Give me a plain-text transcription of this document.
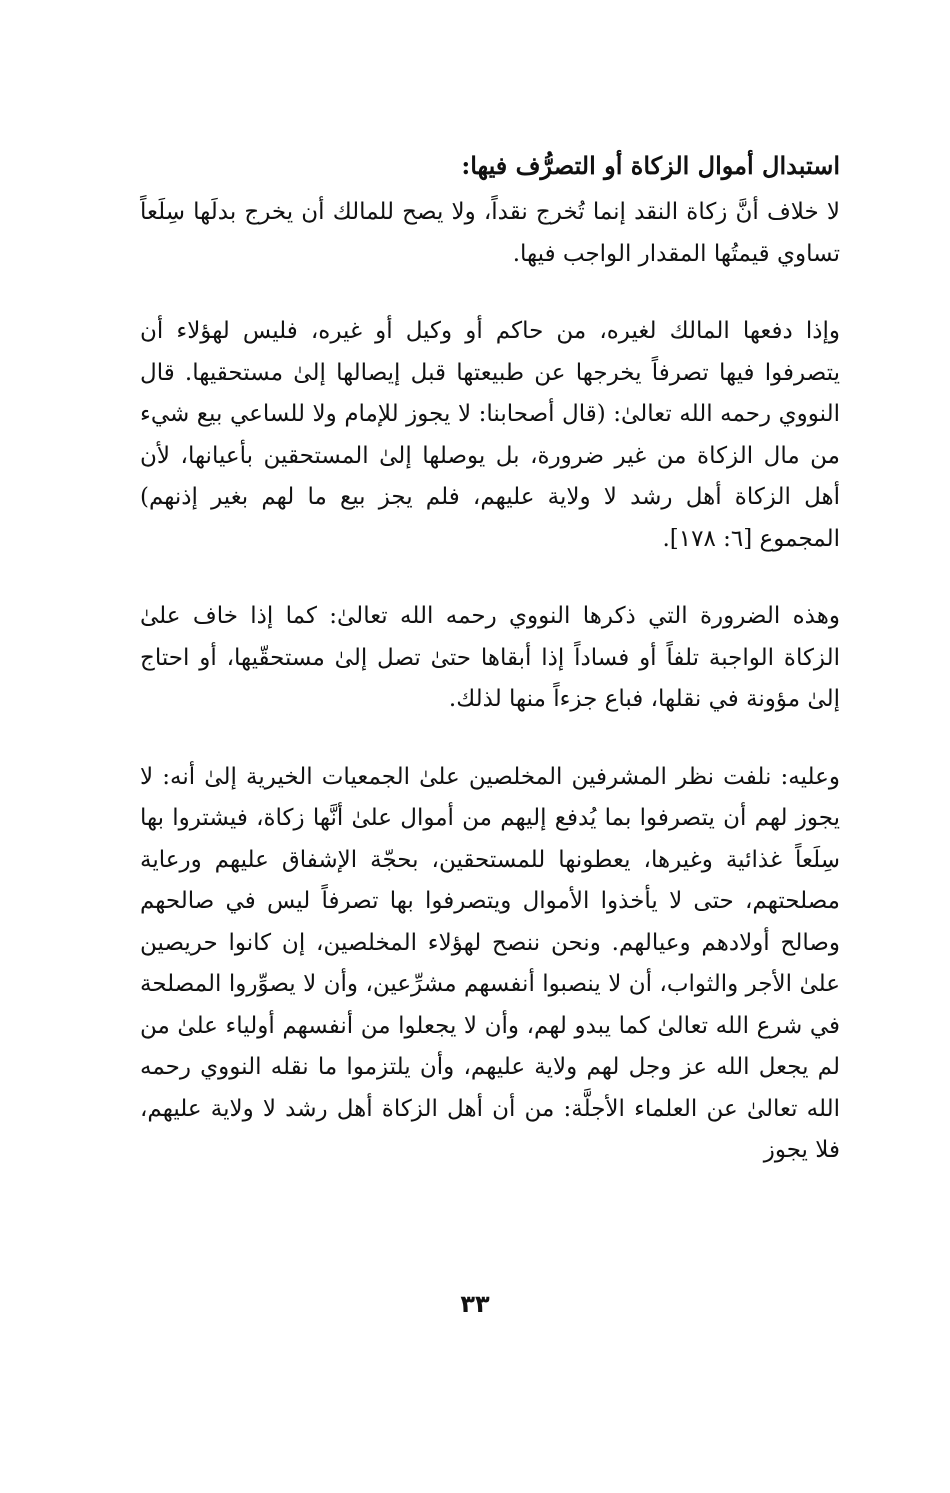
استبدال أموال الزكاة أو التصرُّف فيها:

لا خلاف أنَّ زكاة النقد إنما تُخرج نقداً، ولا يصح للمالك أن يخرج بدلَها سِلَعاً تساوي قيمتُها المقدار الواجب فيها.

وإذا دفعها المالك لغيره، من حاكم أو وكيل أو غيره، فليس لهؤلاء أن يتصرفوا فيها تصرفاً يخرجها عن طبيعتها قبل إيصالها إلىٰ مستحقيها. قال النووي رحمه الله تعالىٰ: (قال أصحابنا: لا يجوز للإمام ولا للساعي بيع شيء من مال الزكاة من غير ضرورة، بل يوصلها إلىٰ المستحقين بأعيانها، لأن أهل الزكاة أهل رشد لا ولاية عليهم، فلم يجز بيع ما لهم بغير إذنهم) المجموع [٦: ١٧٨].

وهذه الضرورة التي ذكرها النووي رحمه الله تعالىٰ: كما إذا خاف علىٰ الزكاة الواجبة تلفاً أو فساداً إذا أبقاها حتىٰ تصل إلىٰ مستحقّيها، أو احتاج إلىٰ مؤونة في نقلها، فباع جزءاً منها لذلك.

وعليه: نلفت نظر المشرفين المخلصين علىٰ الجمعيات الخيرية إلىٰ أنه: لا يجوز لهم أن يتصرفوا بما يُدفع إليهم من أموال علىٰ أنَّها زكاة، فيشتروا بها سِلَعاً غذائية وغيرها، يعطونها للمستحقين، بحجّة الإشفاق عليهم ورعاية مصلحتهم، حتى لا يأخذوا الأموال ويتصرفوا بها تصرفاً ليس في صالحهم وصالح أولادهم وعيالهم. ونحن ننصح لهؤلاء المخلصين، إن كانوا حريصين علىٰ الأجر والثواب، أن لا ينصبوا أنفسهم مشرِّعين، وأن لا يصوِّروا المصلحة في شرع الله تعالىٰ كما يبدو لهم، وأن لا يجعلوا من أنفسهم أولياء علىٰ من لم يجعل الله عز وجل لهم ولاية عليهم، وأن يلتزموا ما نقله النووي رحمه الله تعالىٰ عن العلماء الأجلَّة: من أن أهل الزكاة أهل رشد لا ولاية عليهم، فلا يجوز

٣٣
